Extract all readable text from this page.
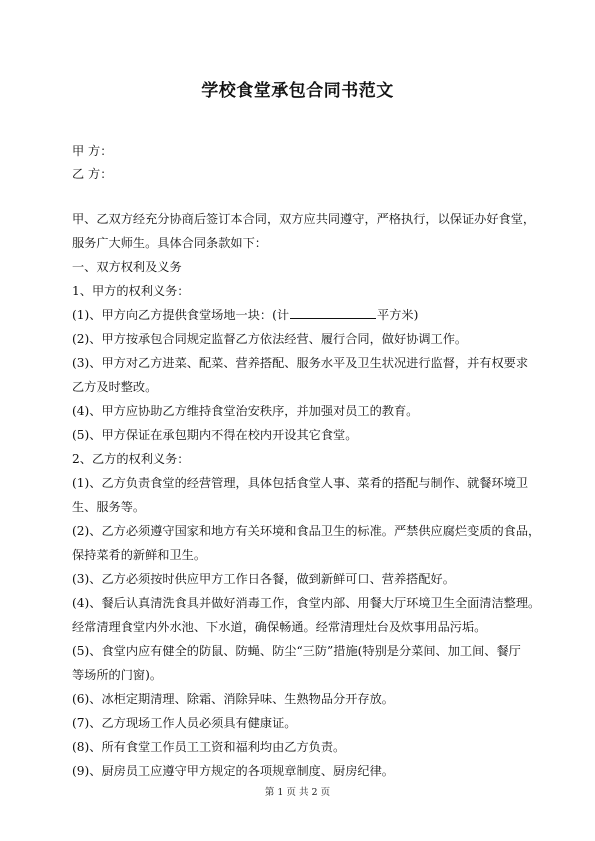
学校食堂承包合同书范文
甲 方：
乙 方：
甲、乙双方经充分协商后签订本合同，双方应共同遵守，严格执行，以保证办好食堂，
服务广大师生。具体合同条款如下：
一、双方权利及义务
1、甲方的权利义务：
(1)、甲方向乙方提供食堂场地一块：(计	平方米)
(2)、甲方按承包合同规定监督乙方依法经营、履行合同，做好协调工作。
(3)、甲方对乙方进菜、配菜、营养搭配、服务水平及卫生状况进行监督，并有权要求
乙方及时整改。
(4)、甲方应协助乙方维持食堂治安秩序，并加强对员工的教育。
(5)、甲方保证在承包期内不得在校内开设其它食堂。
2、乙方的权利义务：
(1)、乙方负责食堂的经营管理，具体包括食堂人事、菜肴的搭配与制作、就餐环境卫
生、服务等。
(2)、乙方必须遵守国家和地方有关环境和食品卫生的标准。严禁供应腐烂变质的食品，
保持菜肴的新鲜和卫生。
(3)、乙方必须按时供应甲方工作日各餐，做到新鲜可口、营养搭配好。
(4)、餐后认真清洗食具并做好消毒工作，食堂内部、用餐大厅环境卫生全面清洁整理。
经常清理食堂内外水池、下水道，确保畅通。经常清理灶台及炊事用品污垢。
(5)、食堂内应有健全的防鼠、防蝇、防尘“三防”措施(特别是分菜间、加工间、餐厅
等场所的门窗)。
(6)、冰柜定期清理、除霜、消除异味、生熟物品分开存放。
(7)、乙方现场工作人员必须具有健康证。
(8)、所有食堂工作员工工资和福利均由乙方负责。
(9)、厨房员工应遵守甲方规定的各项规章制度、厨房纪律。
第 1 页 共 2 页
